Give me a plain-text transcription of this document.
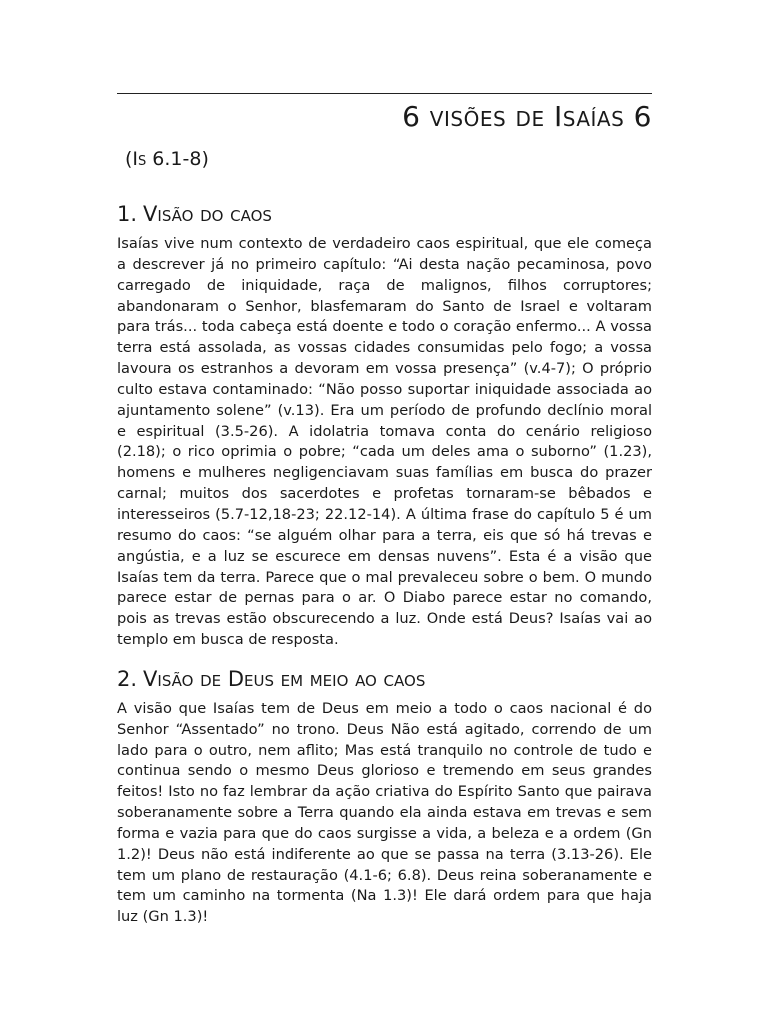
6 visões de Isaías 6
(Is 6.1-8)
1. Visão do caos

Isaías vive num contexto de verdadeiro caos espiritual, que ele começa a descrever já no primeiro capítulo: “Ai desta nação pecaminosa, povo carregado de iniquidade, raça de malignos, filhos corruptores; abandonaram o Senhor, blasfemaram do Santo de Israel e voltaram para trás... toda cabeça está doente e todo o coração enfermo... A vossa terra está assolada, as vossas cidades consumidas pelo fogo; a vossa lavoura os estranhos a devoram em vossa presença” (v.4-7); O próprio culto estava contaminado: “Não posso suportar iniquidade associada ao ajuntamento solene” (v.13). Era um período de profundo declínio moral e espiritual (3.5-26). A idolatria tomava conta do cenário religioso (2.18); o rico oprimia o pobre; “cada um deles ama o suborno” (1.23), homens e mulheres negligenciavam suas famílias em busca do prazer carnal; muitos dos sacerdotes e profetas tornaram-se bêbados e interesseiros (5.7-12,18-23; 22.12-14). A última frase do capítulo 5 é um resumo do caos: “se alguém olhar para a terra, eis que só há trevas e angústia, e a luz se escurece em densas nuvens”. Esta é a visão que Isaías tem da terra. Parece que o mal prevaleceu sobre o bem. O mundo parece estar de pernas para o ar. O Diabo parece estar no comando, pois as trevas estão obscurecendo a luz. Onde está Deus? Isaías vai ao templo em busca de resposta.

2. Visão de Deus em meio ao caos

A visão que Isaías tem de Deus em meio a todo o caos nacional é do Senhor “Assentado” no trono. Deus Não está agitado, correndo de um lado para o outro, nem aflito; Mas está tranquilo no controle de tudo e continua sendo o mesmo Deus glorioso e tremendo em seus grandes feitos! Isto no faz lembrar da ação criativa do Espírito Santo que pairava soberanamente sobre a Terra quando ela ainda estava em trevas e sem forma e vazia para que do caos surgisse a vida, a beleza e a ordem (Gn 1.2)! Deus não está indiferente ao que se passa na terra (3.13-26). Ele tem um plano de restauração (4.1-6; 6.8). Deus reina soberanamente e tem um caminho na tormenta (Na 1.3)! Ele dará ordem para que haja luz (Gn 1.3)!
